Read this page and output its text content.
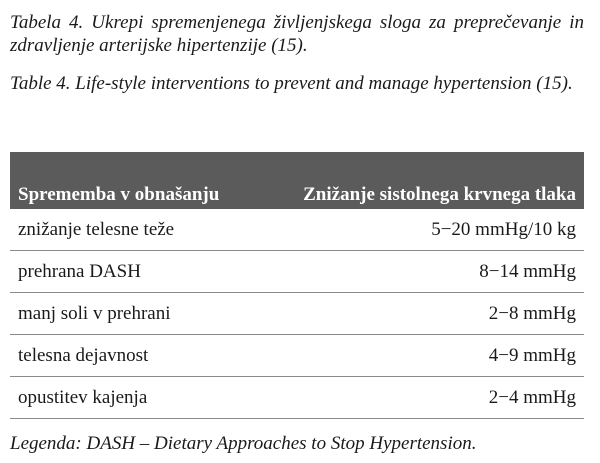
Tabela 4. Ukrepi spremenjenega življenjskega sloga za preprečevanje in zdravljenje arterijske hipertenzije (15).
Table 4. Life-style interventions to prevent and manage hypertension (15).
Sprememba v obnašanju	Znižanje sistolnega krvnega tlaka
znižanje telesne teže	5−20 mmHg/10 kg
prehrana DASH	8−14 mmHg
manj soli v prehrani	2−8 mmHg
telesna dejavnost	4−9 mmHg
opustitev kajenja	2−4 mmHg
Legenda: DASH – Dietary Approaches to Stop Hypertension.
